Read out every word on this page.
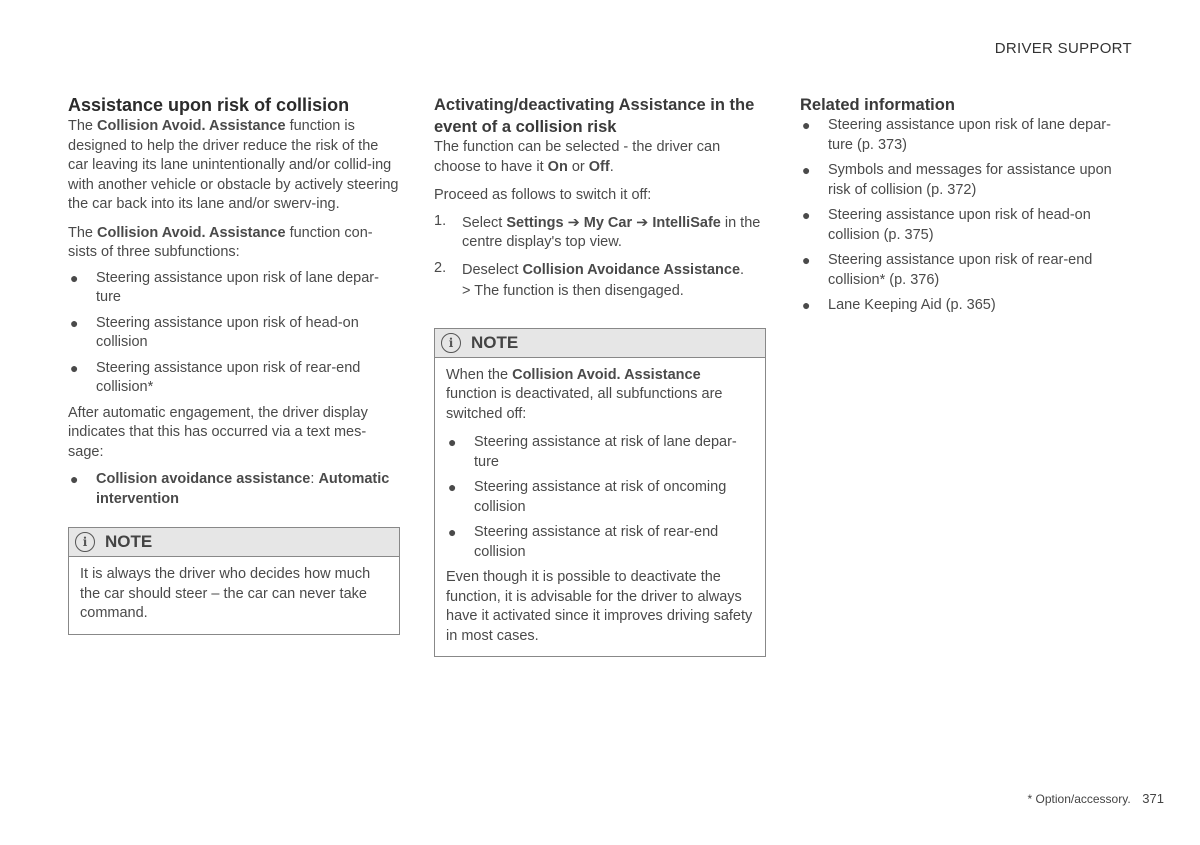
DRIVER SUPPORT
Assistance upon risk of collision

The Collision Avoid. Assistance function is designed to help the driver reduce the risk of the car leaving its lane unintentionally and/or collid-ing with another vehicle or obstacle by actively steering the car back into its lane and/or swerv-ing.

The Collision Avoid. Assistance function con-sists of three subfunctions:

● Steering assistance upon risk of lane depar-ture
● Steering assistance upon risk of head-on collision
● Steering assistance upon risk of rear-end collision*

After automatic engagement, the driver display indicates that this has occurred via a text mes-sage:

● Collision avoidance assistance: Automatic intervention
i	NOTE

It is always the driver who decides how much the car should steer – the car can never take command.

Activating/deactivating Assistance in the event of a collision risk

The function can be selected - the driver can choose to have it On or Off.

Proceed as follows to switch it off:

1. Select Settings ➔ My Car ➔ IntelliSafe in the centre display's top view.
2. Deselect Collision Avoidance Assistance.
> The function is then disengaged.
i	NOTE

When the Collision Avoid. Assistance function is deactivated, all subfunctions are switched off:

● Steering assistance at risk of lane depar-ture
● Steering assistance at risk of oncoming collision
● Steering assistance at risk of rear-end collision

Even though it is possible to deactivate the function, it is advisable for the driver to always have it activated since it improves driving safety in most cases.

Related information
● Steering assistance upon risk of lane depar-ture (p. 373)
● Symbols and messages for assistance upon risk of collision (p. 372)
● Steering assistance upon risk of head-on collision (p. 375)
● Steering assistance upon risk of rear-end collision* (p. 376)
● Lane Keeping Aid (p. 365)
* Option/accessory. 371
